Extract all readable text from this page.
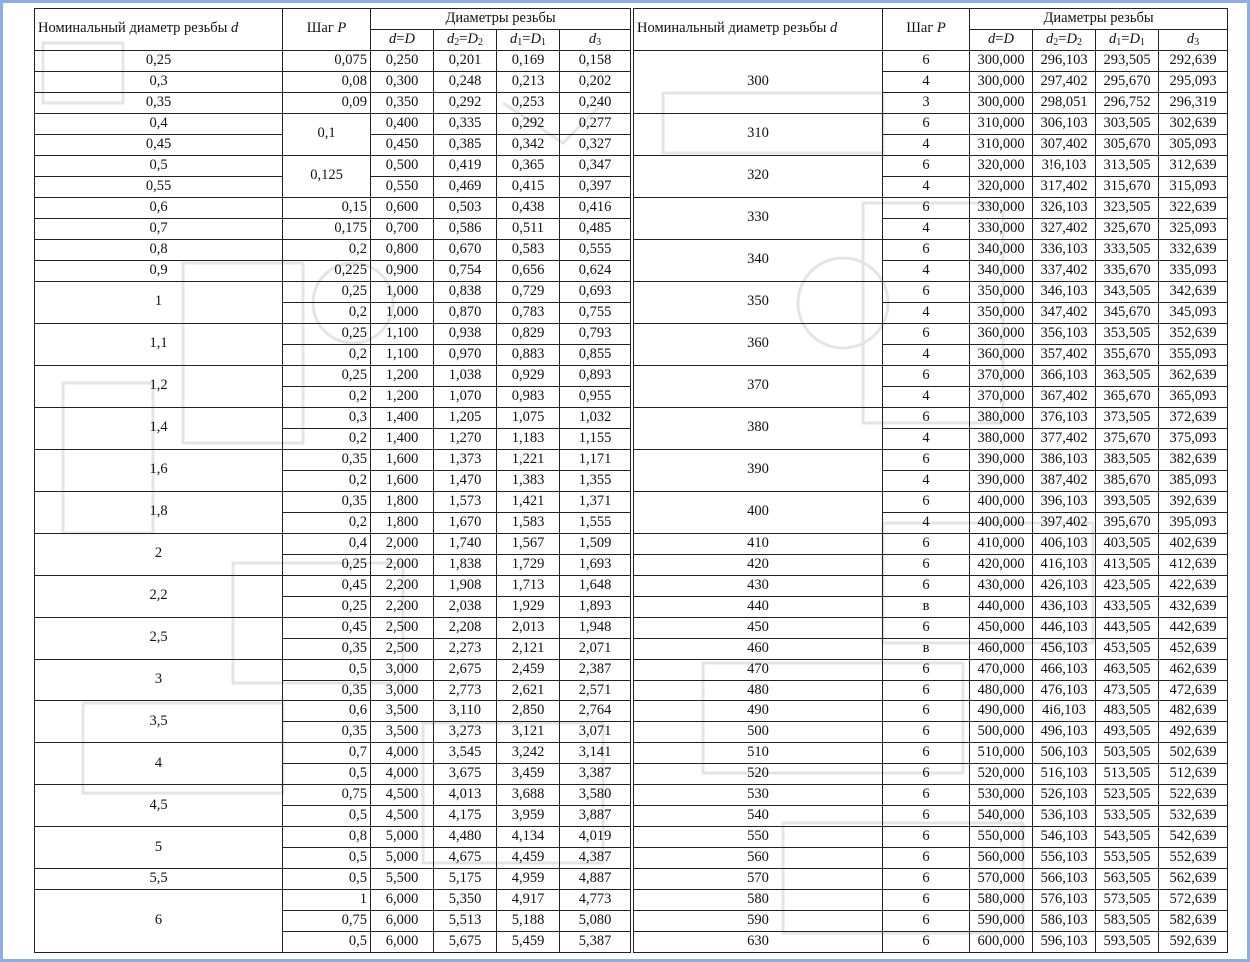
Номинальный диаметр резьбы d	Шаг P	Диаметры резьбы			
		d=D	$d_2=D_2$	$d_1=D_1$	$d_3$
0,25	0,075	0,250	0,201	0,169	0,158
0,3	0,08	0,300	0,248	0,213	0,202
0,35	0,09	0,350	0,292	0,253	0,240
0,4	0,1	0,400	0,335	0,292	0,277
0,45		0,450	0,385	0,342	0,327
0,5	0,125	0,500	0,419	0,365	0,347
0,55		0,550	0,469	0,415	0,397
0,6	0,15	0,600	0,503	0,438	0,416
0,7	0,175	0,700	0,586	0,511	0,485
0,8	0,2	0,800	0,670	0,583	0,555
0,9	0,225	0,900	0,754	0,656	0,624
1	0,25	1,000	0,838	0,729	0,693
	0,2	1,000	0,870	0,783	0,755
1,1	0,25	1,100	0,938	0,829	0,793
	0,2	1,100	0,970	0,883	0,855
1,2	0,25	1,200	1,038	0,929	0,893
	0,2	1,200	1,070	0,983	0,955
1,4	0,3	1,400	1,205	1,075	1,032
	0,2	1,400	1,270	1,183	1,155
1,6	0,35	1,600	1,373	1,221	1,171
	0,2	1,600	1,470	1,383	1,355
1,8	0,35	1,800	1,573	1,421	1,371
	0,2	1,800	1,670	1,583	1,555
2	0,4	2,000	1,740	1,567	1,509
	0,25	2,000	1,838	1,729	1,693
2,2	0,45	2,200	1,908	1,713	1,648
	0,25	2,200	2,038	1,929	1,893
2,5	0,45	2,500	2,208	2,013	1,948
	0,35	2,500	2,273	2,121	2,071
3	0,5	3,000	2,675	2,459	2,387
	0,35	3,000	2,773	2,621	2,571
3,5	0,6	3,500	3,110	2,850	2,764
	0,35	3,500	3,273	3,121	3,071
4	0,7	4,000	3,545	3,242	3,141
	0,5	4,000	3,675	3,459	3,387
4,5	0,75	4,500	4,013	3,688	3,580
	0,5	4,500	4,175	3,959	3,887
5	0,8	5,000	4,480	4,134	4,019
	0,5	5,000	4,675	4,459	4,387
5,5	0,5	5,500	5,175	4,959	4,887
6	1	6,000	5,350	4,917	4,773
	0,75	6,000	5,513	5,188	5,080
	0,5	6,000	5,675	5,459	5,387
Номинальный диаметр резьбы d	Шаг P	Диаметры резьбы			
		d=D	$d_2=D_2$	$d_1=D_1$	$d_3$
300	6	300,000	296,103	293,505	292,639
	4	300,000	297,402	295,670	295,093
	3	300,000	298,051	296,752	296,319
310	6	310,000	306,103	303,505	302,639
	4	310,000	307,402	305,670	305,093
320	6	320,000	3!6,103	313,505	312,639
	4	320,000	317,402	315,670	315,093
330	6	330,000	326,103	323,505	322,639
	4	330,000	327,402	325,670	325,093
340	6	340,000	336,103	333,505	332,639
	4	340,000	337,402	335,670	335,093
350	6	350,000	346,103	343,505	342,639
	4	350,000	347,402	345,670	345,093
360	6	360,000	356,103	353,505	352,639
	4	360,000	357,402	355,670	355,093
370	6	370,000	366,103	363,505	362,639
	4	370,000	367,402	365,670	365,093
380	6	380,000	376,103	373,505	372,639
	4	380,000	377,402	375,670	375,093
390	6	390,000	386,103	383,505	382,639
	4	390,000	387,402	385,670	385,093
400	6	400,000	396,103	393,505	392,639
	4	400,000	397,402	395,670	395,093
410	6	410,000	406,103	403,505	402,639
420	6	420,000	416,103	413,505	412,639
430	6	430,000	426,103	423,505	422,639
440	в	440,000	436,103	433,505	432,639
450	6	450,000	446,103	443,505	442,639
460	в	460,000	456,103	453,505	452,639
470	6	470,000	466,103	463,505	462,639
480	6	480,000	476,103	473,505	472,639
490	6	490,000	4i6,103	483,505	482,639
500	6	500,000	496,103	493,505	492,639
510	6	510,000	506,103	503,505	502,639
520	6	520,000	516,103	513,505	512,639
530	6	530,000	526,103	523,505	522,639
540	6	540,000	536,103	533,505	532,639
550	6	550,000	546,103	543,505	542,639
560	6	560,000	556,103	553,505	552,639
570	6	570,000	566,103	563,505	562,639
580	6	580,000	576,103	573,505	572,639
590	6	590,000	586,103	583,505	582,639
630	6	600,000	596,103	593,505	592,639
